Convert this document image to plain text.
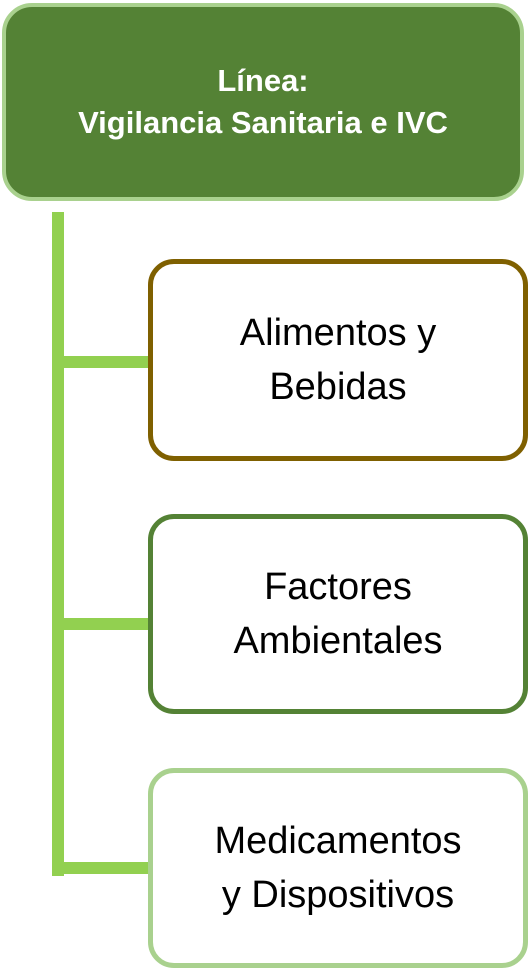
Línea:
Vigilancia Sanitaria e IVC
Alimentos y
Bebidas
Factores
Ambientales
Medicamentos
y Dispositivos
